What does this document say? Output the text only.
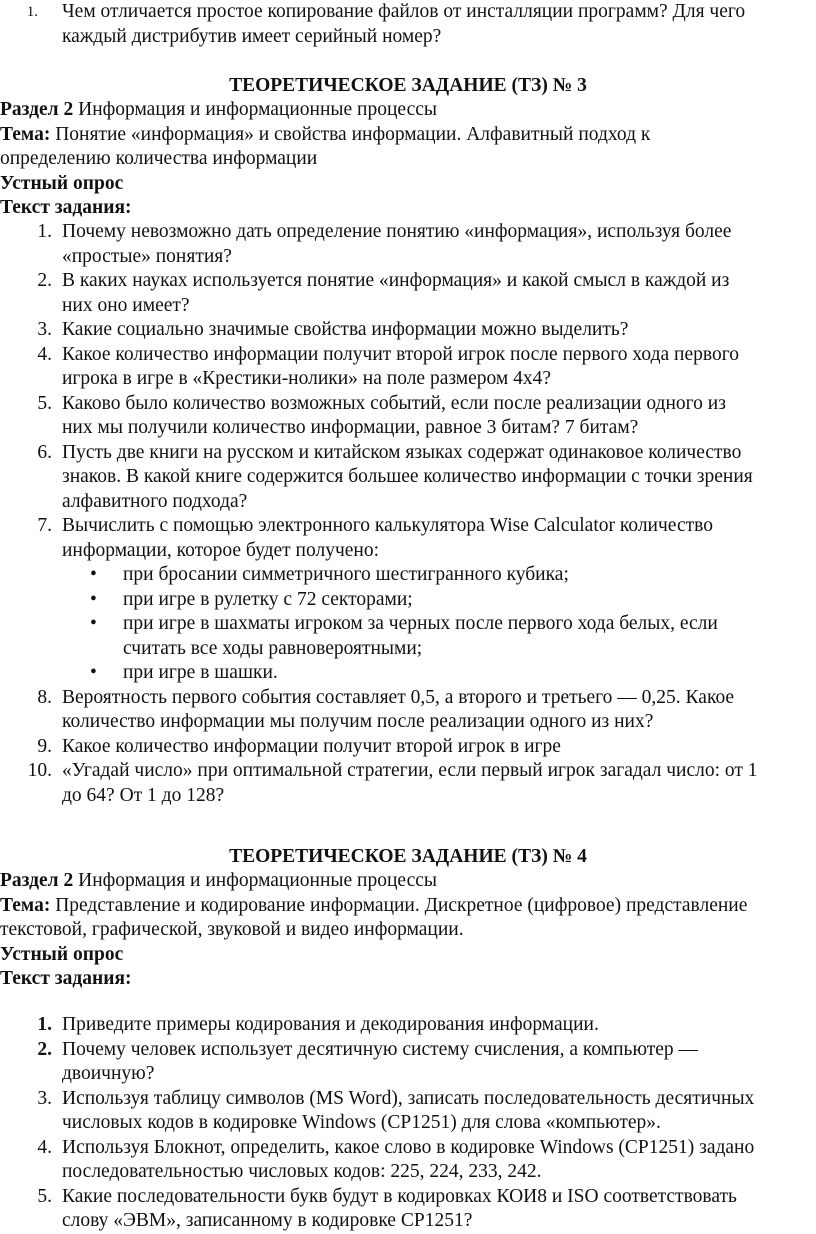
1. Чем отличается простое копирование файлов от инсталляции программ? Для чего
каждый дистрибутив имеет серийный номер?
ТЕОРЕТИЧЕСКОЕ ЗАДАНИЕ (ТЗ) № 3
Раздел 2 Информация и информационные процессы
Тема: Понятие «информация» и свойства информации. Алфавитный подход к
определению количества информации
Устный опрос
Текст задания:
1. Почему невозможно дать определение понятию «информация», используя более
«простые» понятия?
2. В каких науках используется понятие «информация» и какой смысл в каждой из
них оно имеет?
3. Какие социально значимые свойства информации можно выделить?
4. Какое количество информации получит второй игрок после первого хода первого
игрока в игре в «Крестики-нолики» на поле размером 4х4?
5. Каково было количество возможных событий, если после реализации одного из
них мы получили количество информации, равное 3 битам? 7 битам?
6. Пусть две книги на русском и китайском языках содержат одинаковое количество
знаков. В какой книге содержится большее количество информации с точки зрения
алфавитного подхода?
7. Вычислить с помощью электронного калькулятора Wise Calculator количество
информации, которое будет получено:
• при бросании симметричного шестигранного кубика;
• при игре в рулетку с 72 секторами;
• при игре в шахматы игроком за черных после первого хода белых, если
считать все ходы равновероятными;
• при игре в шашки.
8. Вероятность первого события составляет 0,5, а второго и третьего — 0,25. Какое
количество информации мы получим после реализации одного из них?
9. Какое количество информации получит второй игрок в игре
10. «Угадай число» при оптимальной стратегии, если первый игрок загадал число: от 1
до 64? От 1 до 128?
ТЕОРЕТИЧЕСКОЕ ЗАДАНИЕ (ТЗ) № 4
Раздел 2 Информация и информационные процессы
Тема: Представление и кодирование информации. Дискретное (цифровое) представление
текстовой, графической, звуковой и видео информации.
Устный опрос
Текст задания:
1. Приведите примеры кодирования и декодирования информации.
2. Почему человек использует десятичную систему счисления, а компьютер —
двоичную?
3. Используя таблицу символов (MS Word), записать последовательность десятичных
числовых кодов в кодировке Windows (CP1251) для слова «компьютер».
4. Используя Блокнот, определить, какое слово в кодировке Windows (CP1251) задано
последовательностью числовых кодов: 225, 224, 233, 242.
5. Какие последовательности букв будут в кодировках КОИ8 и ISO соответствовать
слову «ЭВМ», записанному в кодировке CP1251?
